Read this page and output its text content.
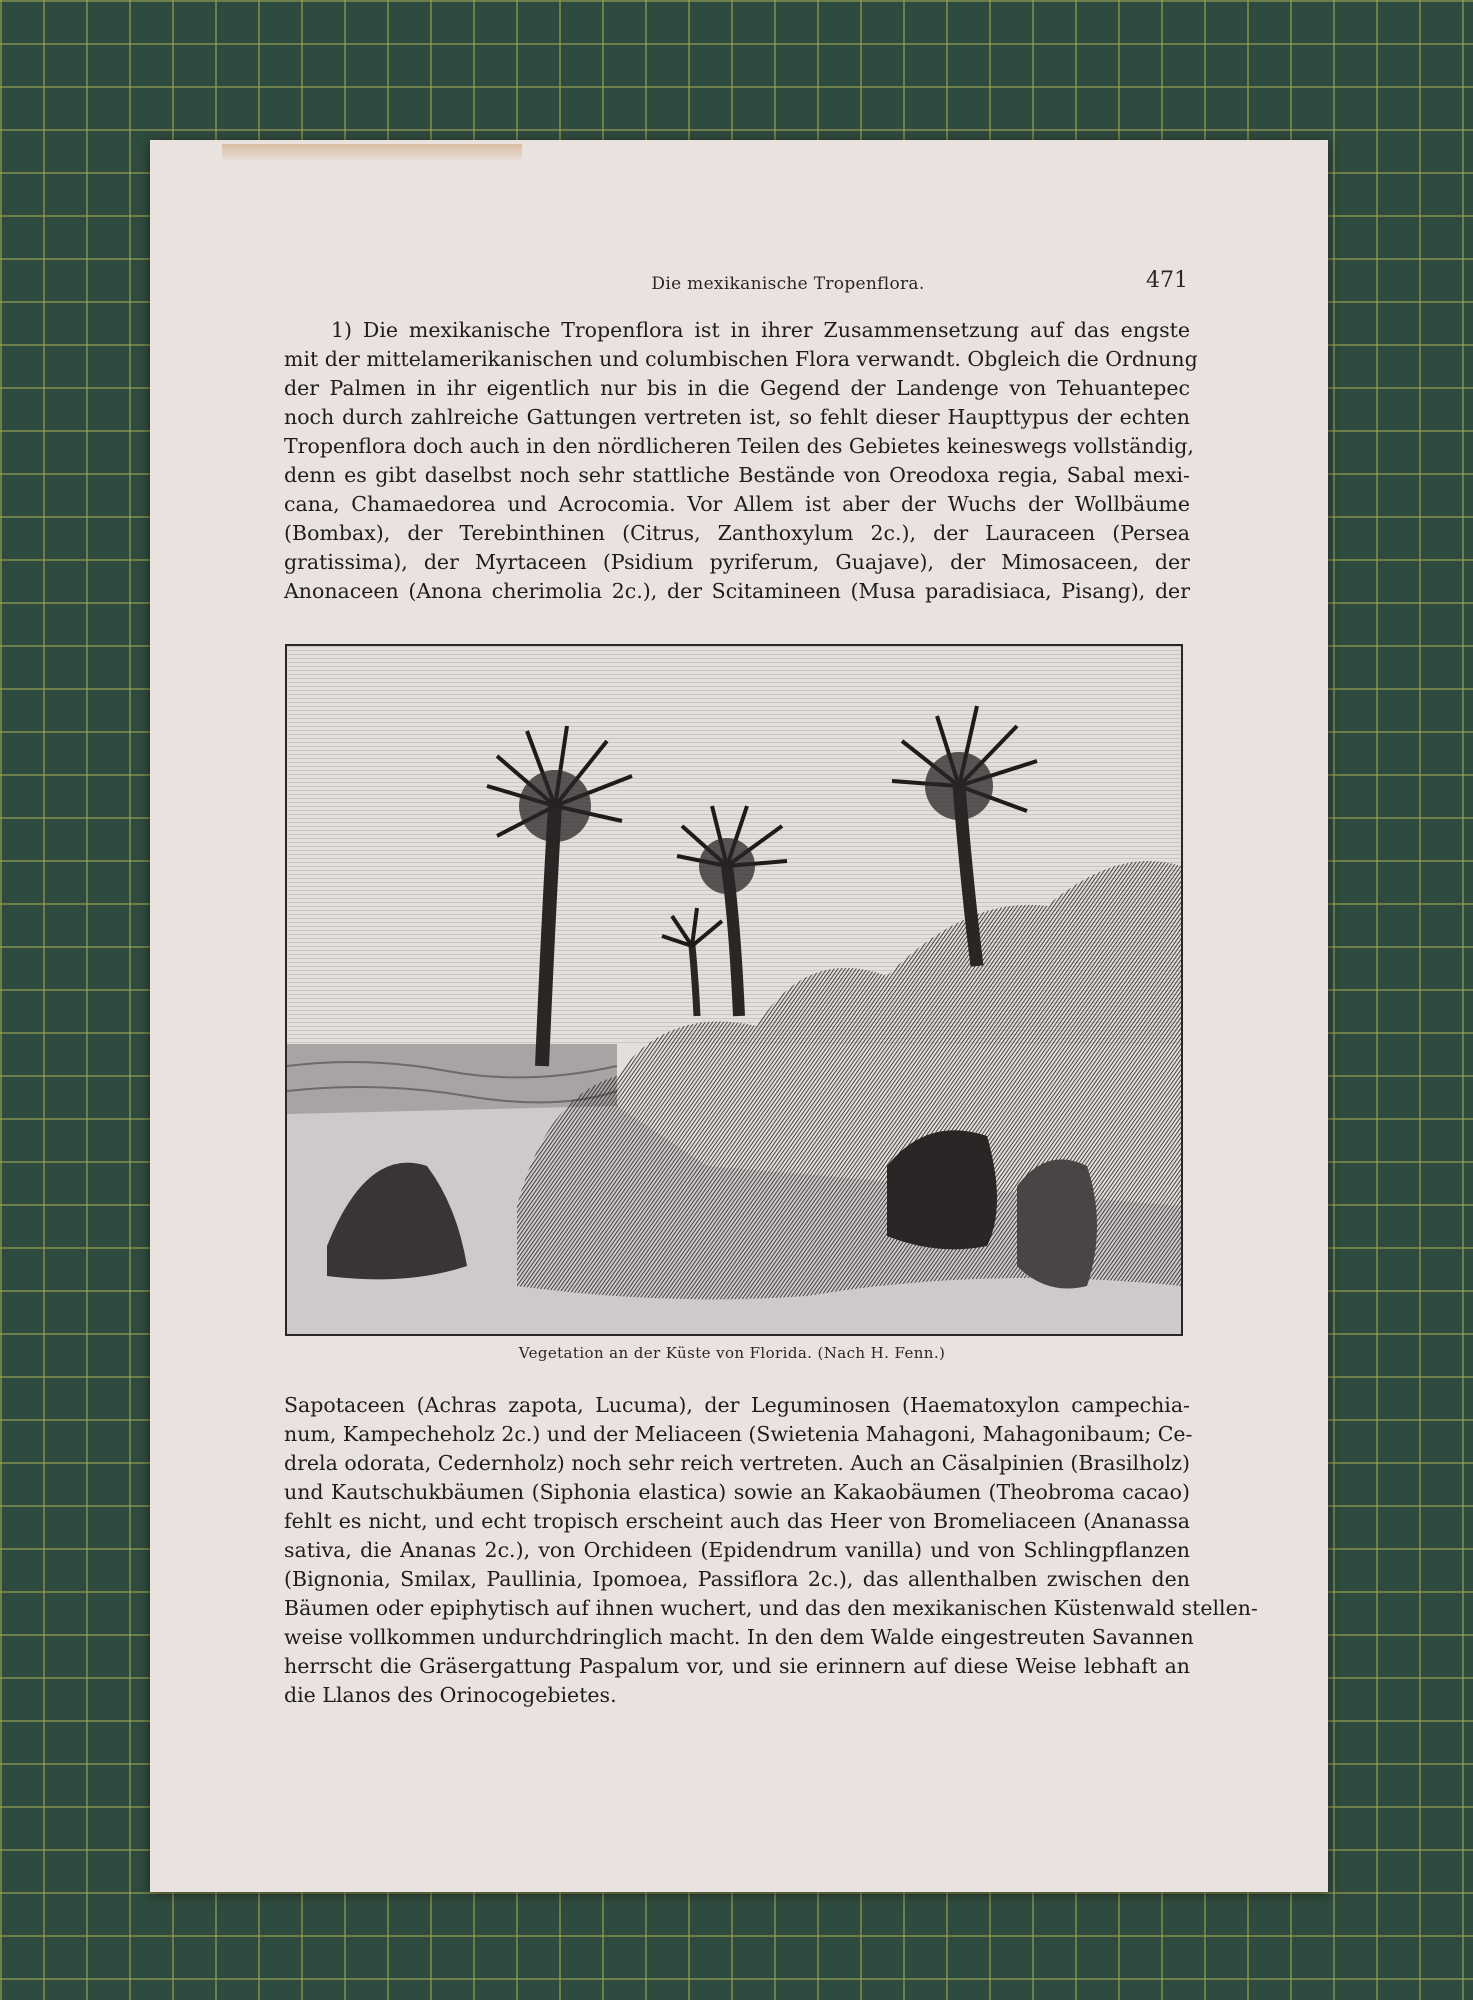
Die mexikanische Tropenflora.	471
1) Die mexikanische Tropenflora ist in ihrer Zusammensetzung auf das engste
mit der mittelamerikanischen und columbischen Flora verwandt. Obgleich die Ordnung
der Palmen in ihr eigentlich nur bis in die Gegend der Landenge von Tehuantepec
noch durch zahlreiche Gattungen vertreten ist, so fehlt dieser Haupttypus der echten
Tropenflora doch auch in den nördlicheren Teilen des Gebietes keineswegs vollständig,
denn es gibt daselbst noch sehr stattliche Bestände von Oreodoxa regia, Sabal mexi-
cana, Chamaedorea und Acrocomia. Vor Allem ist aber der Wuchs der Wollbäume
(Bombax), der Terebinthinen (Citrus, Zanthoxylum 2c.), der Lauraceen (Persea
gratissima), der Myrtaceen (Psidium pyriferum, Guajave), der Mimosaceen, der
Anonaceen (Anona cherimolia 2c.), der Scitamineen (Musa paradisiaca, Pisang), der
Vegetation an der Küste von Florida. (Nach H. Fenn.)
Sapotaceen (Achras zapota, Lucuma), der Leguminosen (Haematoxylon campechia-
num, Kampecheholz 2c.) und der Meliaceen (Swietenia Mahagoni, Mahagonibaum; Ce-
drela odorata, Cedernholz) noch sehr reich vertreten. Auch an Cäsalpinien (Brasilholz)
und Kautschukbäumen (Siphonia elastica) sowie an Kakaobäumen (Theobroma cacao)
fehlt es nicht, und echt tropisch erscheint auch das Heer von Bromeliaceen (Ananassa
sativa, die Ananas 2c.), von Orchideen (Epidendrum vanilla) und von Schlingpflanzen
(Bignonia, Smilax, Paullinia, Ipomoea, Passiflora 2c.), das allenthalben zwischen den
Bäumen oder epiphytisch auf ihnen wuchert, und das den mexikanischen Küstenwald stellen-
weise vollkommen undurchdringlich macht. In den dem Walde eingestreuten Savannen
herrscht die Gräsergattung Paspalum vor, und sie erinnern auf diese Weise lebhaft an
die Llanos des Orinocogebietes.
